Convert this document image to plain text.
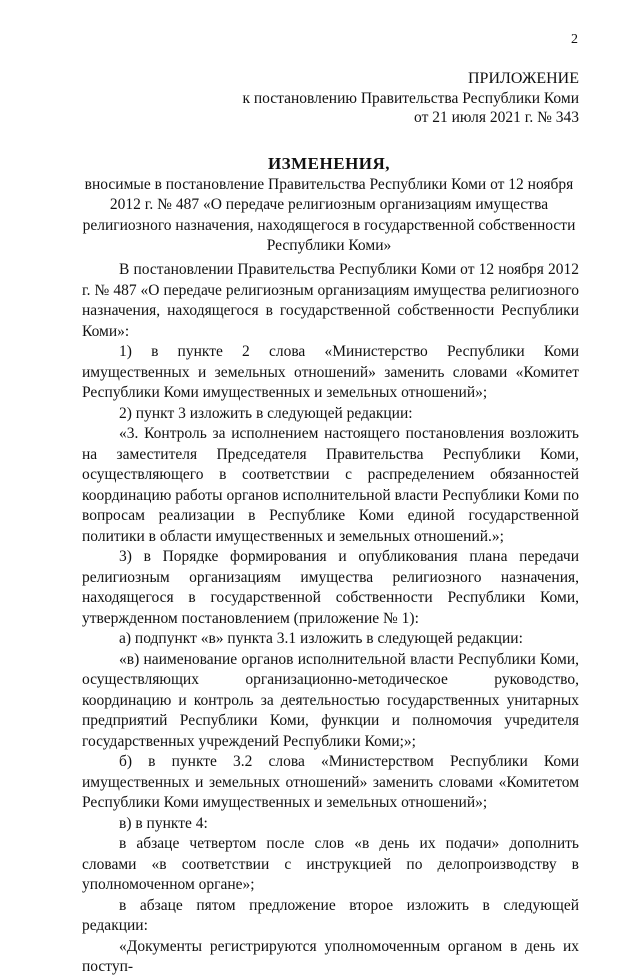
2
ПРИЛОЖЕНИЕ
к постановлению Правительства Республики Коми
от 21 июля 2021 г. № 343
ИЗМЕНЕНИЯ,
вносимые в постановление Правительства Республики Коми от 12 ноября 2012 г. № 487 «О передаче религиозным организациям имущества религиозного назначения, находящегося в государственной собственности Республики Коми»

В постановлении Правительства Республики Коми от 12 ноября 2012 г. № 487 «О передаче религиозным организациям имущества религиозного назначения, находящегося в государственной собственности Республики Коми»:

1) в пункте 2 слова «Министерство Республики Коми имущественных и земельных отношений» заменить словами «Комитет Республики Коми имущественных и земельных отношений»;

2) пункт 3 изложить в следующей редакции:

«3. Контроль за исполнением настоящего постановления возложить на заместителя Председателя Правительства Республики Коми, осуществляющего в соответствии с распределением обязанностей координацию работы органов исполнительной власти Республики Коми по вопросам реализации в Республике Коми единой государственной политики в области имущественных и земельных отношений.»;

3) в Порядке формирования и опубликования плана передачи религиозным организациям имущества религиозного назначения, находящегося в государственной собственности Республики Коми, утвержденном постановлением (приложение № 1):

а) подпункт «в» пункта 3.1 изложить в следующей редакции:

«в) наименование органов исполнительной власти Республики Коми, осуществляющих организационно-методическое руководство, координацию и контроль за деятельностью государственных унитарных предприятий Республики Коми, функции и полномочия учредителя государственных учреждений Республики Коми;»;

б) в пункте 3.2 слова «Министерством Республики Коми имущественных и земельных отношений» заменить словами «Комитетом Республики Коми имущественных и земельных отношений»;

в) в пункте 4:

в абзаце четвертом после слов «в день их подачи» дополнить словами «в соответствии с инструкцией по делопроизводству в уполномоченном органе»;

в абзаце пятом предложение второе изложить в следующей редакции:

«Документы регистрируются уполномоченным органом в день их поступ-
